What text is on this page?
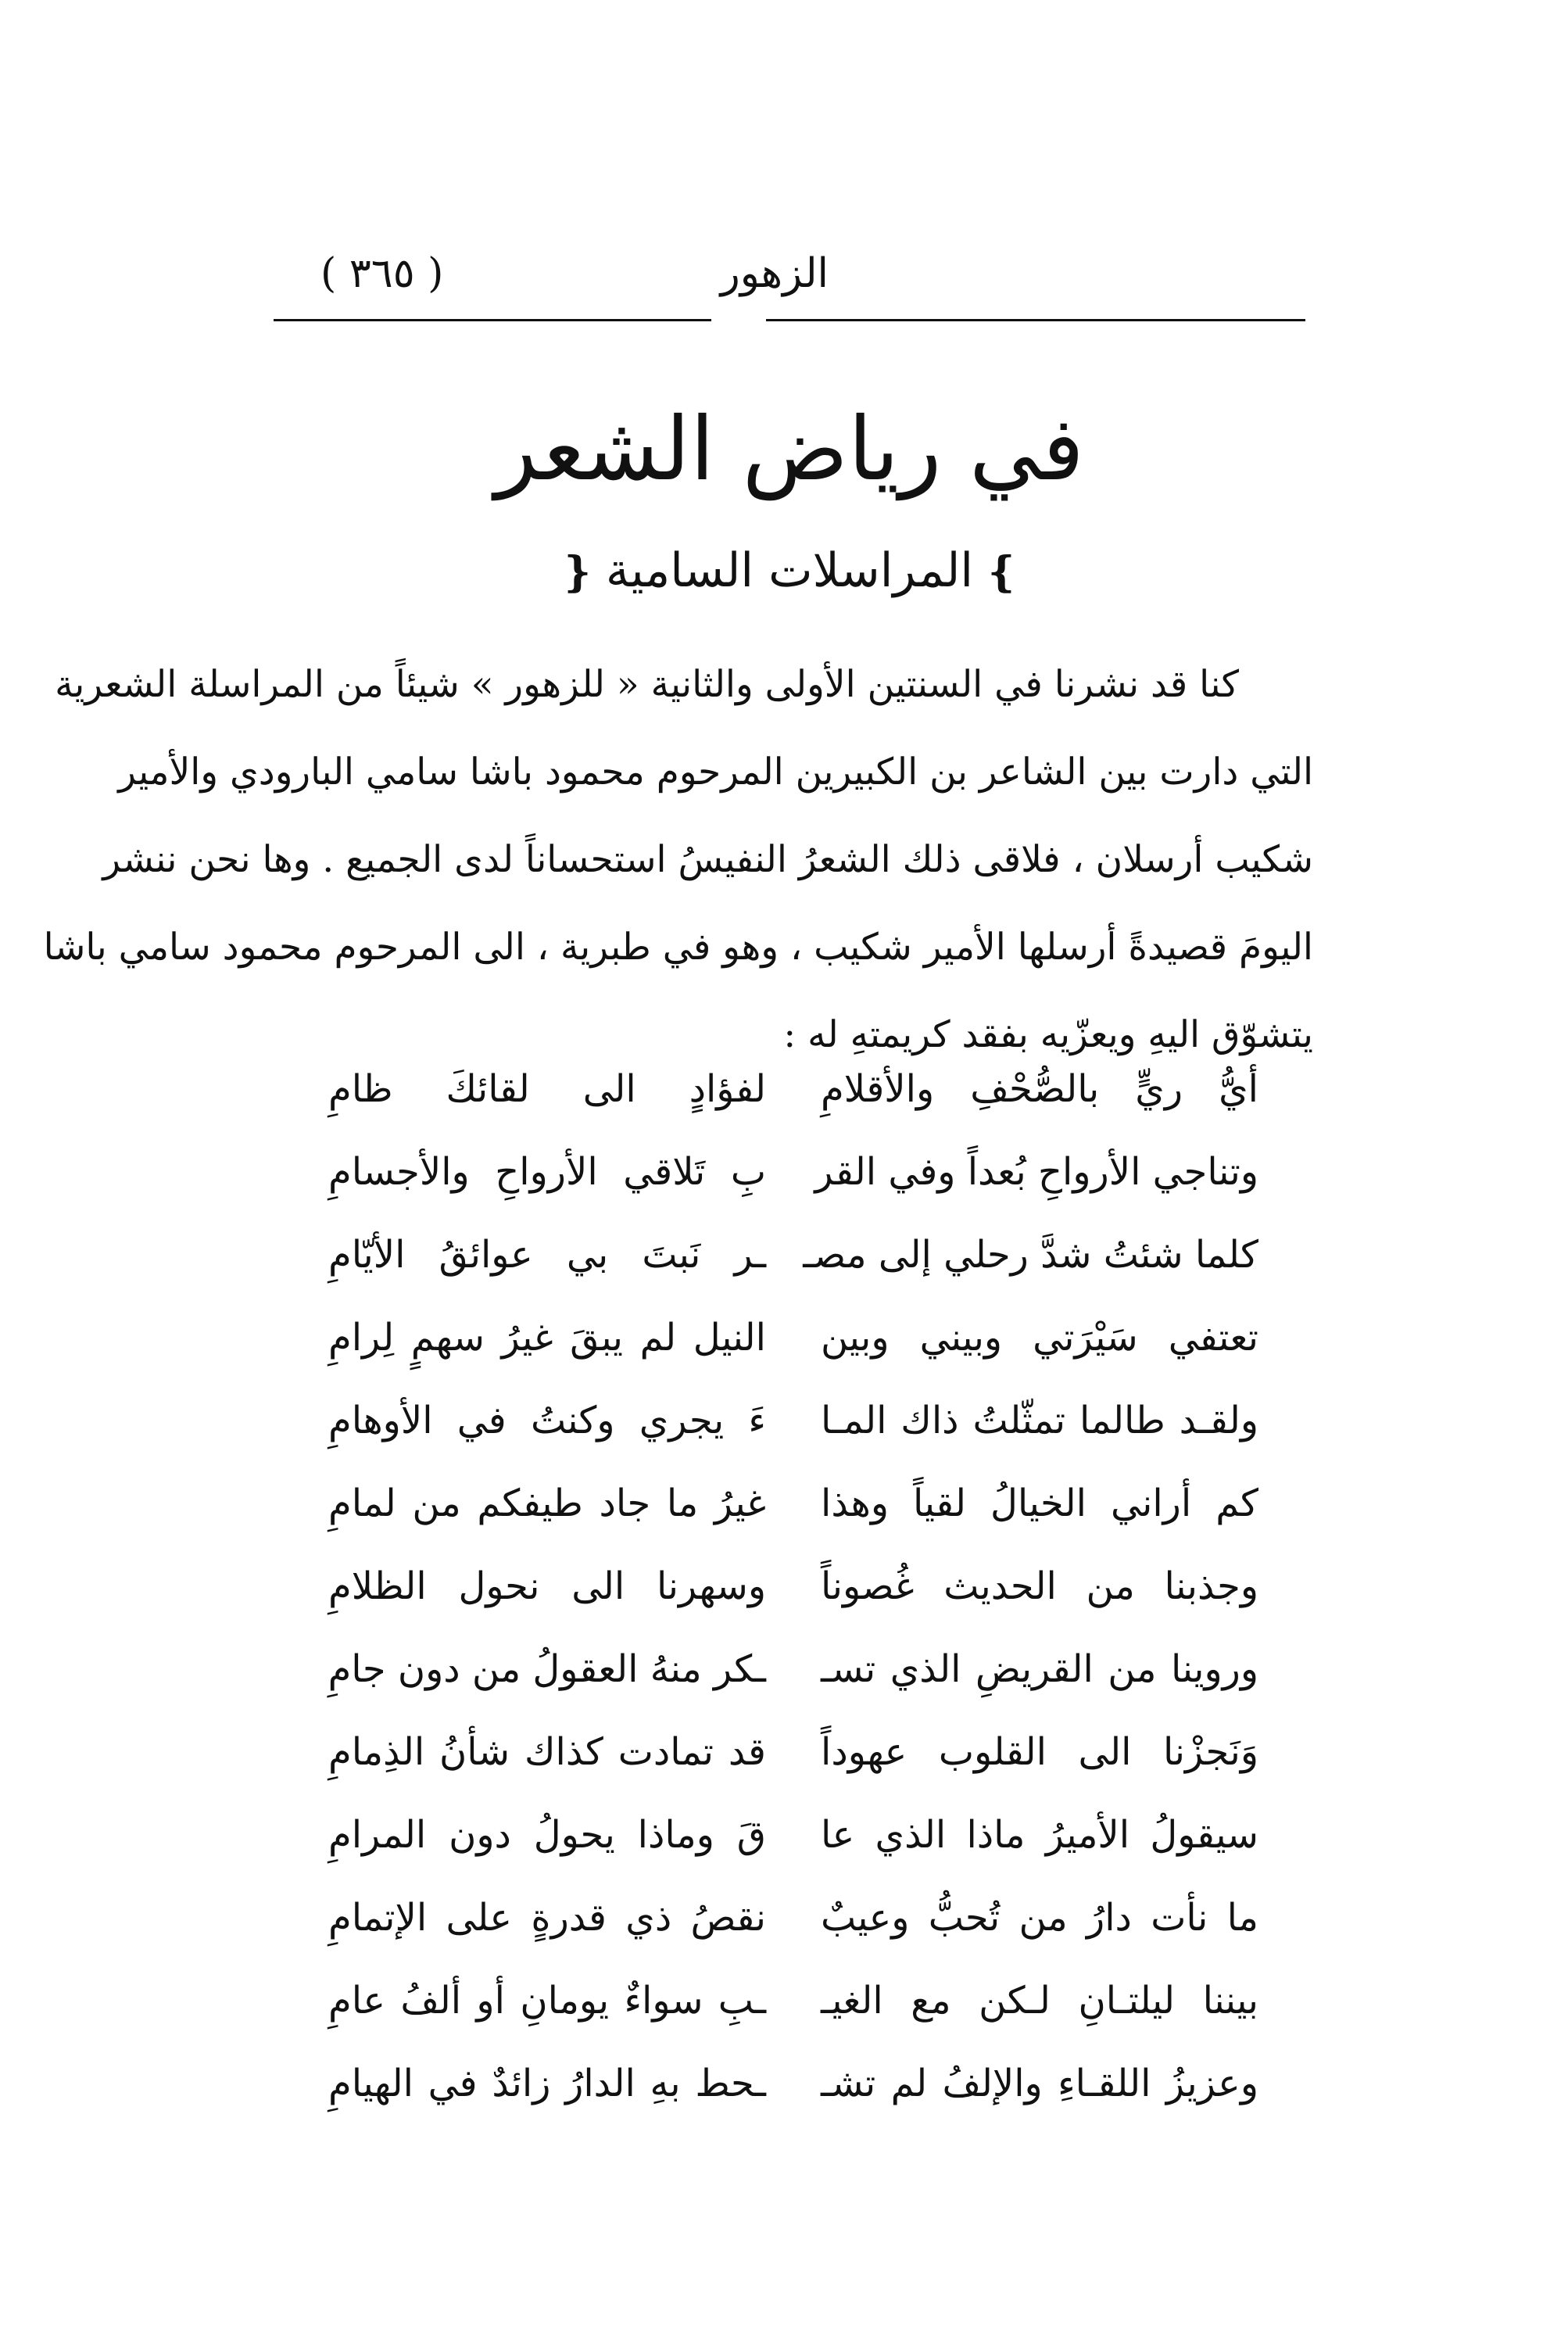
الزهور
( ٣٦٥ )
في رياض الشعر
❵المراسلات السامية❴
كنا قد نشرنا في السنتين الأولى والثانية « للزهور » شيئاً من المراسلة الشعرية
التي دارت بين الشاعر بن الكبيرين المرحوم محمود باشا سامي البارودي والأمير
شكيب أرسلان ، فلاقى ذلك الشعرُ النفيسُ استحساناً لدى الجميع . وها نحن ننشر
اليومَ قصيدةً أرسلها الأمير شكيب ، وهو في طبرية ، الى المرحوم محمود سامي باشا
يتشوّق اليهِ ويعزّيه بفقد كريمتهِ له :
أيُّ ريٍّ بالصُّحْفِ والأقلامِ
لفؤادٍ الى لقائكَ ظامِ
وتناجي الأرواحِ بُعداً وفي القر
بِ تَلاقي الأرواحِ والأجسامِ
كلما شئتُ شدَّ رحلي إلى مصـ
ـر نَبتَ بي عوائقُ الأيّامِ
تعتفي سَيْرَتي وبيني وبين
النيل لم يبقَ غيرُ سهمٍ لِرامِ
ولقـد طالما تمثّلتُ ذاك المـا
ءَ يجري وكنتُ في الأوهامِ
كم أراني الخيالُ لقياً وهذا
غيرُ ما جاد طيفكم من لمامِ
وجذبنا من الحديث غُصوناً
وسهرنا الى نحول الظلامِ
وروينا من القريضِ الذي تسـ
ـكر منهُ العقولُ من دون جامِ
وَنَجزْنا الى القلوب عهوداً
قد تمادت كذاك شأنُ الذِمامِ
سيقولُ الأميرُ ماذا الذي عا
قَ وماذا يحولُ دون المرامِ
ما نأت دارُ من تُحبُّ وعيبٌ
نقصُ ذي قدرةٍ على الإتمامِ
بيننا ليلتـانِ لـكن مع الغيـ
ـبِ سواءٌ يومانِ أو ألفُ عامِ
وعزيزُ اللقـاءِ والإلفُ لم تشـ
ـحط بهِ الدارُ زائدٌ في الهيامِ
